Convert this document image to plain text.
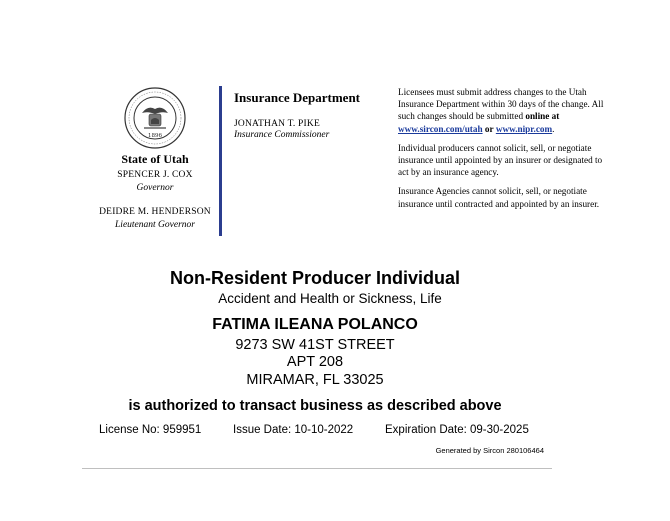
1896
State of Utah
SPENCER J. COX
Governor
DEIDRE M. HENDERSON
Lieutenant Governor
Insurance Department
JONATHAN T. PIKE
Insurance Commissioner

Licensees must submit address changes to the Utah Insurance Department within 30 days of the change. All such changes should be submitted online at www.sircon.com/utah or www.nipr.com.

Individual producers cannot solicit, sell, or negotiate insurance until appointed by an insurer or designated to act by an insurance agency.

Insurance Agencies cannot solicit, sell, or negotiate insurance until contracted and appointed by an insurer.

Non-Resident Producer Individual
Accident and Health or Sickness, Life
FATIMA ILEANA POLANCO
9273 SW 41ST STREET
APT 208
MIRAMAR, FL 33025
is authorized to transact business as described above
License No: 959951	Issue Date: 10-10-2022	Expiration Date: 09-30-2025
Generated by Sircon 280106464
